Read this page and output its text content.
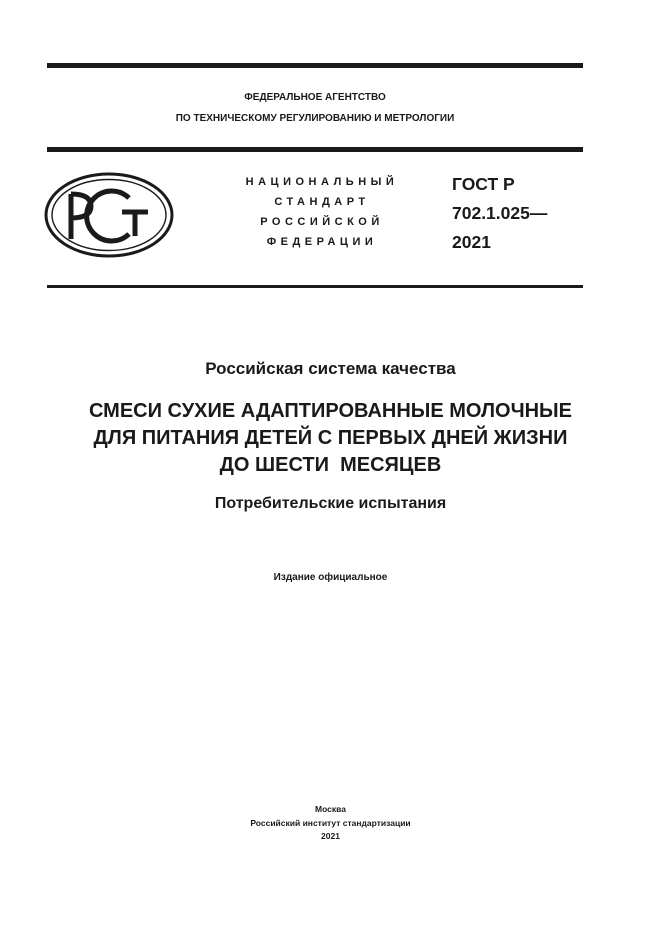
ФЕДЕРАЛЬНОЕ АГЕНТСТВО
ПО ТЕХНИЧЕСКОМУ РЕГУЛИРОВАНИЮ И МЕТРОЛОГИИ
НАЦИОНАЛЬНЫЙ
СТАНДАРТ
РОССИЙСКОЙ
ФЕДЕРАЦИИ
ГОСТ Р
702.1.025—
2021
Российская система качества
СМЕСИ СУХИЕ АДАПТИРОВАННЫЕ МОЛОЧНЫЕ
ДЛЯ ПИТАНИЯ ДЕТЕЙ С ПЕРВЫХ ДНЕЙ ЖИЗНИ
ДО ШЕСТИ  МЕСЯЦЕВ
Потребительские испытания
Издание официальное
Москва
Российский институт стандартизации
2021
